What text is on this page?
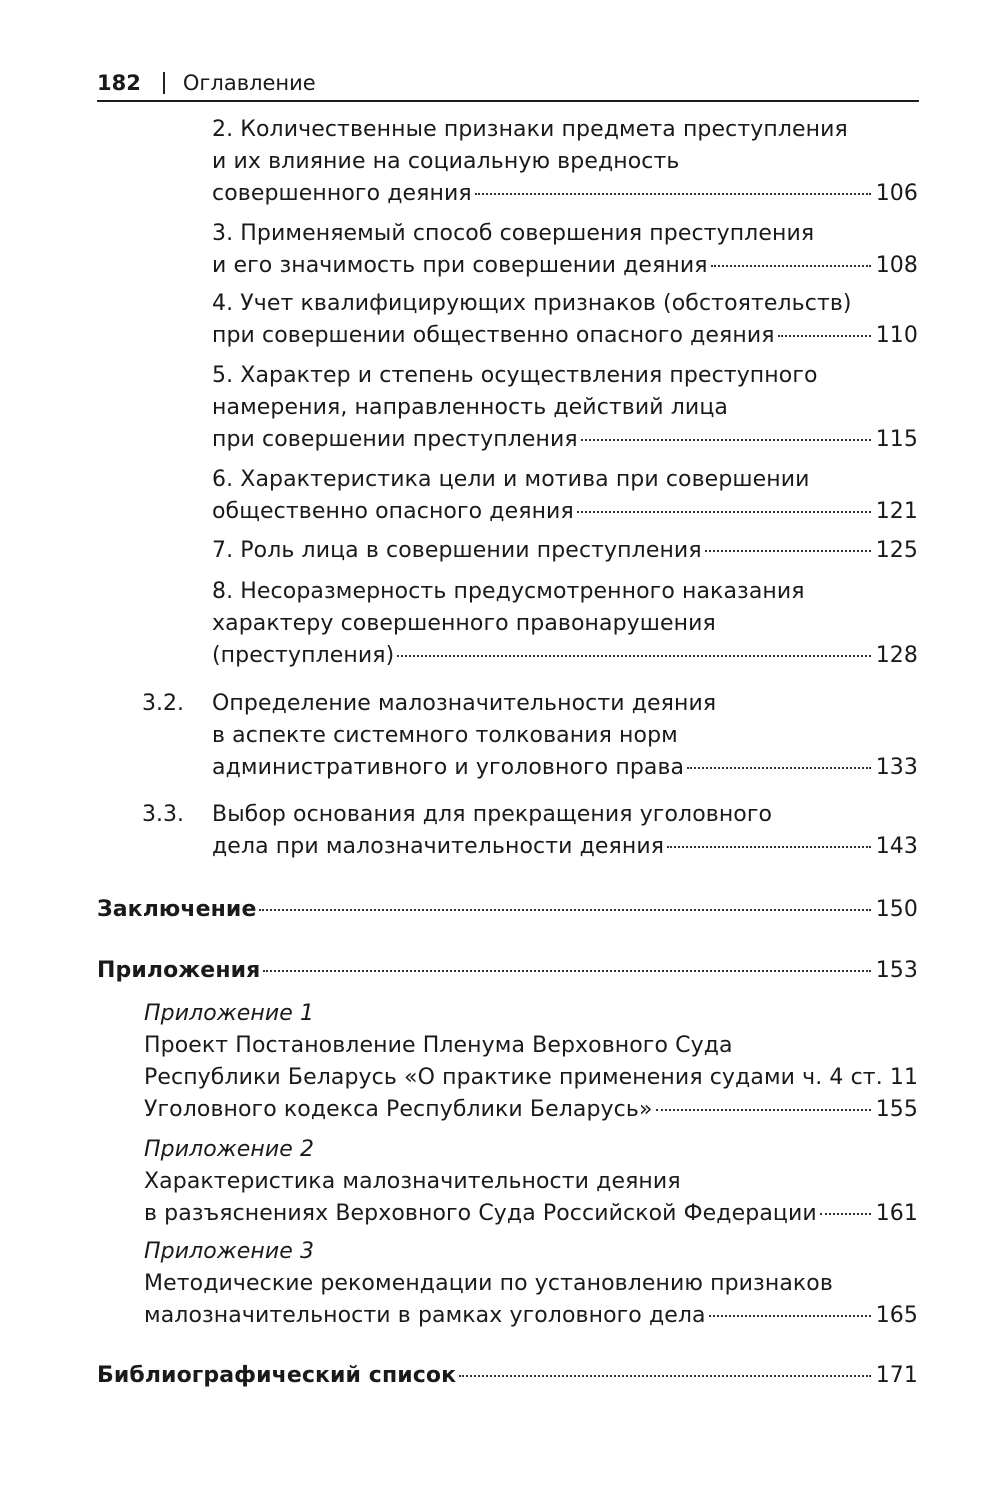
182 Оглавление
2. Количественные признаки предмета преступления
и их влияние на социальную вредность
совершенного деяния	106
3. Применяемый способ совершения преступления
и его значимость при совершении деяния	108
4. Учет квалифицирующих признаков (обстоятельств)
при совершении общественно опасного деяния	110
5. Характер и степень осуществления преступного
намерения, направленность действий лица
при совершении преступления	115
6. Характеристика цели и мотива при совершении
общественно опасного деяния	121
7. Роль лица в совершении преступления	125
8. Несоразмерность предусмотренного наказания
характеру совершенного правонарушения
(преступления)	128
3.2. Определение малозначительности деяния
в аспекте системного толкования норм
административного и уголовного права	133
3.3. Выбор основания для прекращения уголовного
дела при малозначительности деяния	143
Заключение	150
Приложения	153
Приложение 1
Проект Постановление Пленума Верховного Суда
Республики Беларусь «О практике применения судами ч. 4 ст. 11
Уголовного кодекса Республики Беларусь»	155
Приложение 2
Характеристика малозначительности деяния
в разъяснениях Верховного Суда Российской Федерации	161
Приложение 3
Методические рекомендации по установлению признаков
малозначительности в рамках уголовного дела	165
Библиографический список	171
